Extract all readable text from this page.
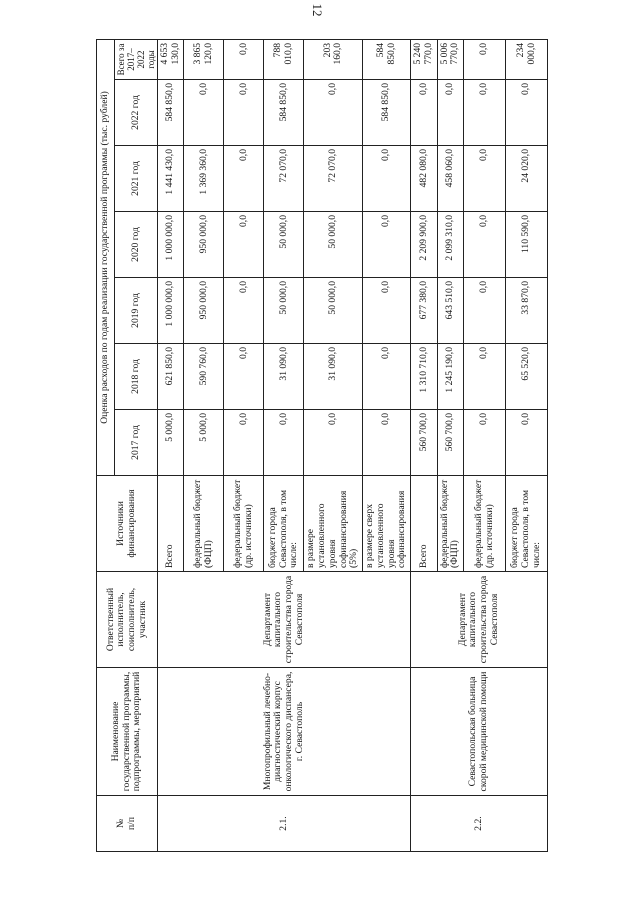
12
№
п/п	Наименование государственной программы, подпрограммы, мероприятий	Ответственный исполнитель, соисполнитель, участник	Источники финансирования	Оценка расходов по годам реализации государственной программы (тыс. рублей)						
				2017 год	2018 год	2019 год	2020 год	2021 год	2022 год	Всего за 2017–2022 годы
2.1.	Многопрофильный лечебно-диагностический корпус онкологического диспансера, г. Севастополь	Департамент капитального строительства города Севастополя	Всего	5 000,0	621 850,0	1 000 000,0	1 000 000,0	1 441 430,0	584 850,0	4 653 130,0
			федеральный бюджет (ФЦП)	5 000,0	590 760,0	950 000,0	950 000,0	1 369 360,0	0,0	3 865 120,0
			федеральный бюджет (др. источники)	0,0	0,0	0,0	0,0	0,0	0,0	0,0
			бюджет города Севастополя, в том числе:	0,0	31 090,0	50 000,0	50 000,0	72 070,0	584 850,0	788 010,0
			в размере установленного уровня софинансирования (5%)	0,0	31 090,0	50 000,0	50 000,0	72 070,0	0,0	203 160,0
			в размере сверх установленного уровня софинансирования	0,0	0,0	0,0	0,0	0,0	584 850,0	584 850,0
2.2.	Севастопольская больница скорой медицинской помощи	Департамент капитального строительства города Севастополя	Всего	560 700,0	1 310 710,0	677 380,0	2 209 900,0	482 080,0	0,0	5 240 770,0
			федеральный бюджет (ФЦП)	560 700,0	1 245 190,0	643 510,0	2 099 310,0	458 060,0	0,0	5 006 770,0
			федеральный бюджет (др. источники)	0,0	0,0	0,0	0,0	0,0	0,0	0,0
			бюджет города Севастополя, в том числе:	0,0	65 520,0	33 870,0	110 590,0	24 020,0	0,0	234 000,0
